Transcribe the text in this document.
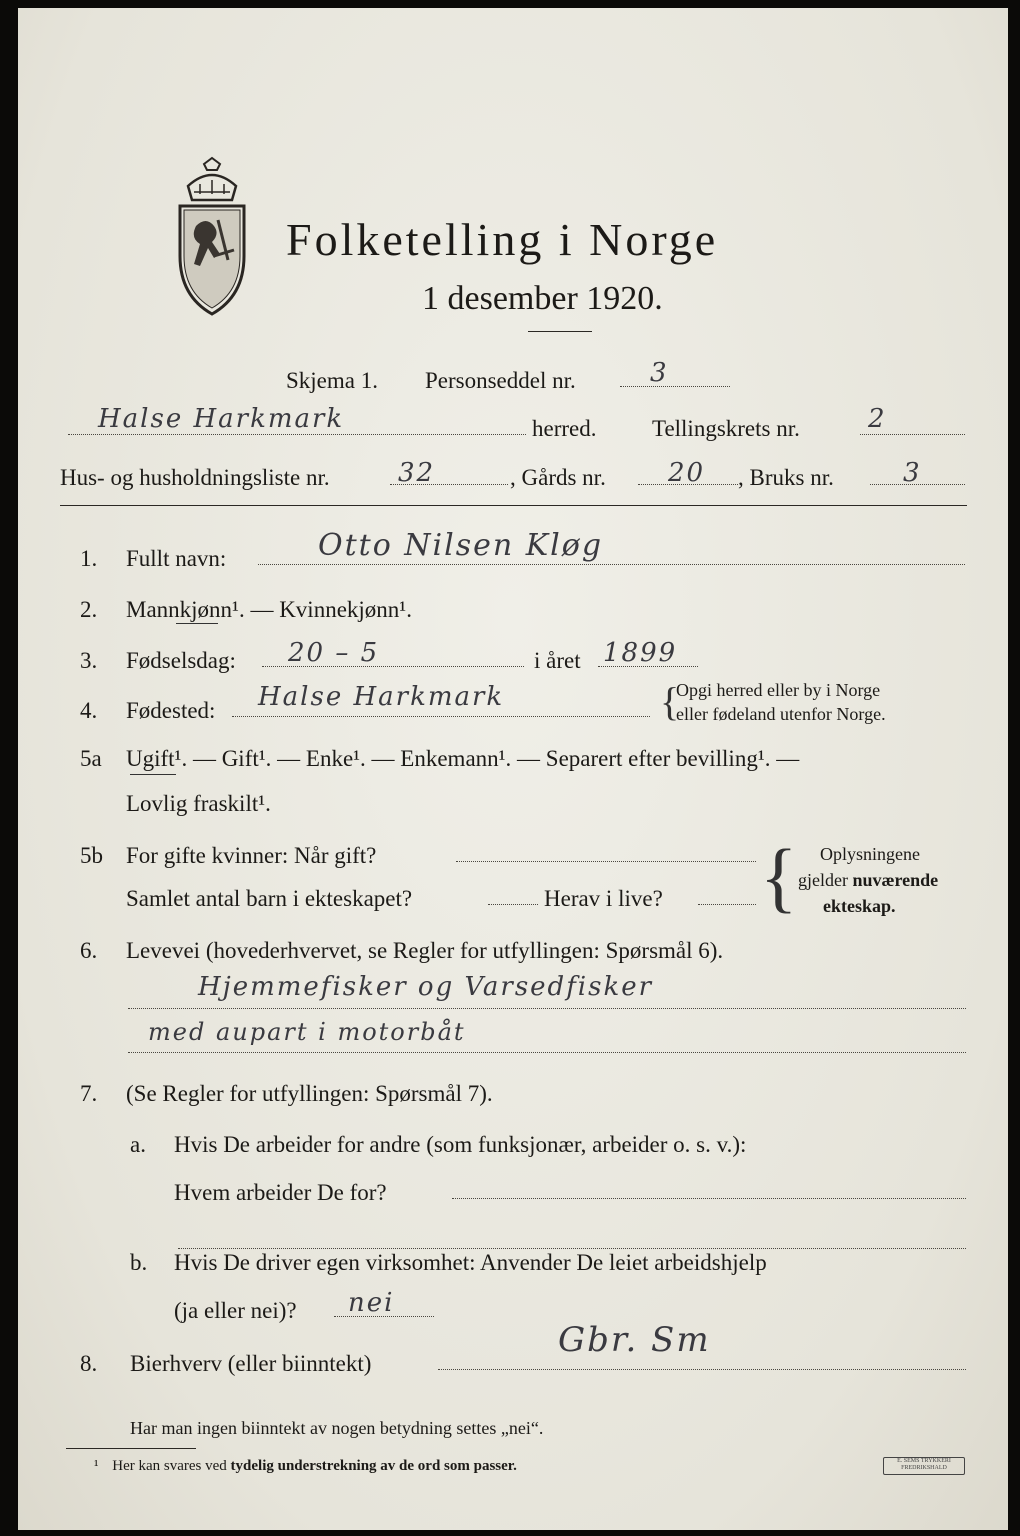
Folketelling i Norge
1 desember 1920.
Skjema 1. Personseddel nr.	3
Halse Harkmark	herred. Tellingskrets nr.	2
Hus- og husholdningsliste nr.	32	, Gårds nr. 20 , Bruks nr.	3
1. Fullt navn:	Otto Nilsen Kløg
2. Mannkjønn¹. — Kvinnekjønn¹.
3. Fødselsdag: 20 – 5	i året 1899
4. Fødested: Halse Harkmark	{
Opgi herred eller by i Norge
eller fødeland utenfor Norge.
5a Ugift¹. — Gift¹. — Enke¹. — Enkemann¹. — Separert efter bevilling¹. —
Lovlig fraskilt¹.
5b For gifte kvinner: Når gift?
Samlet antal barn i ekteskapet?	Herav i live? { Oplysningene
gjelder nuværende
ekteskap.
6. Levevei (hovederhvervet, se Regler for utfyllingen: Spørsmål 6).
Hjemmefisker og Varsedfisker
med aupart i motorbåt
7. (Se Regler for utfyllingen: Spørsmål 7).
a. Hvis De arbeider for andre (som funksjonær, arbeider o. s. v.):
Hvem arbeider De for?
b. Hvis De driver egen virksomhet: Anvender De leiet arbeidshjelp
(ja eller nei)? nei
8. Bierhverv (eller biinntekt)
Gbr. Sm
Har man ingen biinntekt av nogen betydning settes „nei“.
¹ Her kan svares ved tydelig understrekning av de ord som passer.	E. SEMS TRYKKERI FREDRIKSHALD
